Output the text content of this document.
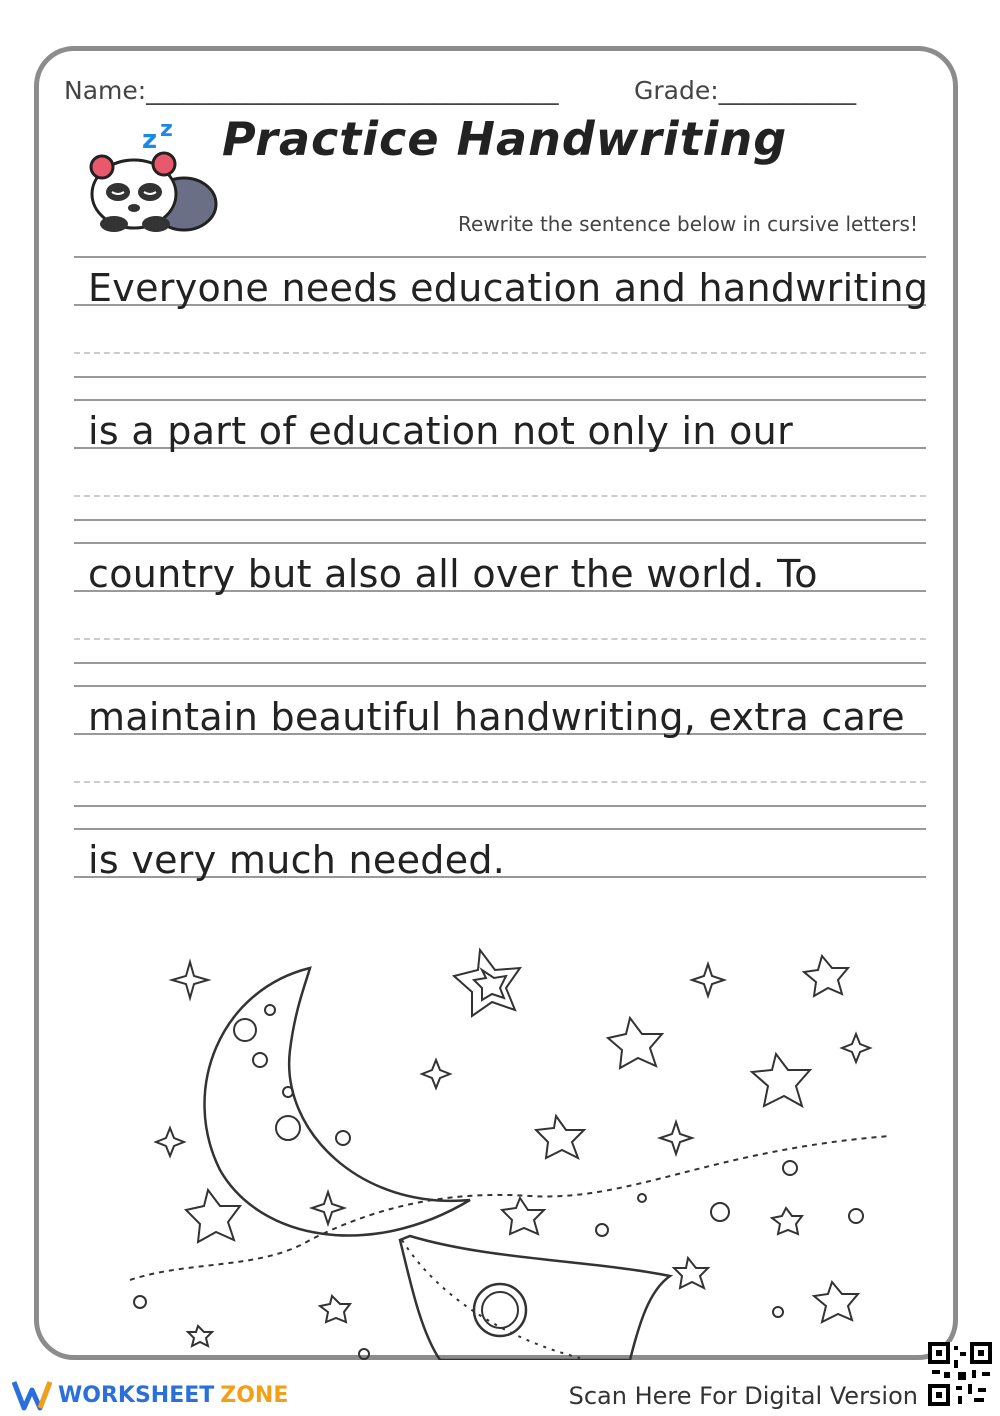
Name:_________________________________	Grade:___________
z z Practice Handwriting
Rewrite the sentence below in cursive letters!
Everyone needs education and handwriting
is a part of education not only in our
country but also all over the world. To
maintain beautiful handwriting, extra care
is very much needed.
WORKSHEET ZONE	Scan Here For Digital Version
